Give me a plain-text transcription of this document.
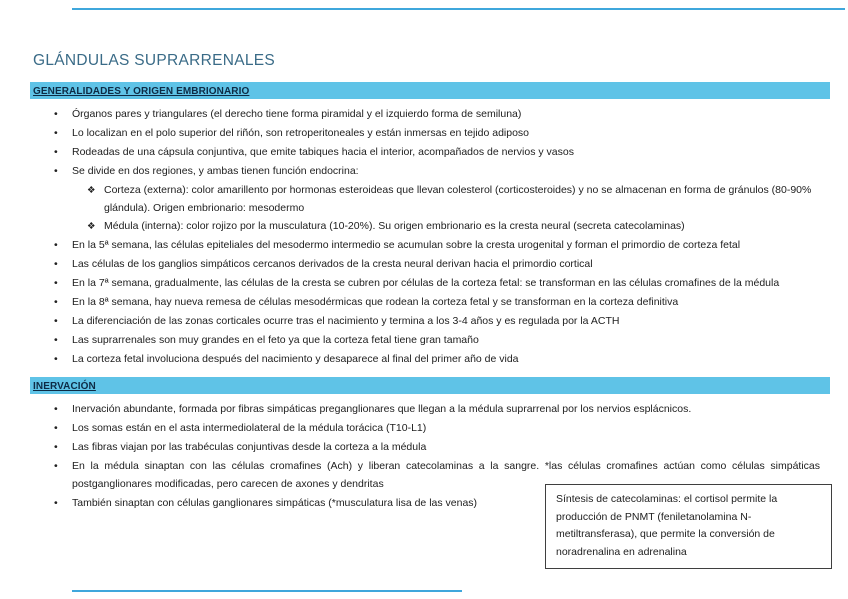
GLÁNDULAS SUPRARRENALES
GENERALIDADES Y ORIGEN EMBRIONARIO
• Órganos pares y triangulares (el derecho tiene forma piramidal y el izquierdo forma de semiluna)
• Lo localizan en el polo superior del riñón, son retroperitoneales y están inmersas en tejido adiposo
• Rodeadas de una cápsula conjuntiva, que emite tabiques hacia el interior, acompañados de nervios y vasos
• Se divide en dos regiones, y ambas tienen función endocrina:
❖ Corteza (externa): color amarillento por hormonas esteroideas que llevan colesterol (corticosteroides) y no se almacenan en forma de gránulos (80-90% glándula). Origen embrionario: mesodermo
❖ Médula (interna): color rojizo por la musculatura (10-20%). Su origen embrionario es la cresta neural (secreta catecolaminas)
• En la 5ª semana, las células epiteliales del mesodermo intermedio se acumulan sobre la cresta urogenital y forman el primordio de corteza fetal
• Las células de los ganglios simpáticos cercanos derivados de la cresta neural derivan hacia el primordio cortical
• En la 7ª semana, gradualmente, las células de la cresta se cubren por células de la corteza fetal: se transforman en las células cromafines de la médula
• En la 8ª semana, hay nueva remesa de células mesodérmicas que rodean la corteza fetal y se transforman en la corteza definitiva
• La diferenciación de las zonas corticales ocurre tras el nacimiento y termina a los 3-4 años y es regulada por la ACTH
• Las suprarrenales son muy grandes en el feto ya que la corteza fetal tiene gran tamaño
• La corteza fetal involuciona después del nacimiento y desaparece al final del primer año de vida
INERVACIÓN
• Inervación abundante, formada por fibras simpáticas preganglionares que llegan a la médula suprarrenal por los nervios esplácnicos.
• Los somas están en el asta intermediolateral de la médula torácica (T10-L1)
• Las fibras viajan por las trabéculas conjuntivas desde la corteza a la médula
• En la médula sinaptan con las células cromafines (Ach) y liberan catecolaminas a la sangre. *las células cromafines actúan como células simpáticas postganglionares modificadas, pero carecen de axones y dendritas
• También sinaptan con células ganglionares simpáticas (*musculatura lisa de las venas)	Síntesis de catecolaminas: el cortisol permite la producción de PNMT (feniletanolamina N-metiltransferasa), que permite la conversión de noradrenalina en adrenalina
